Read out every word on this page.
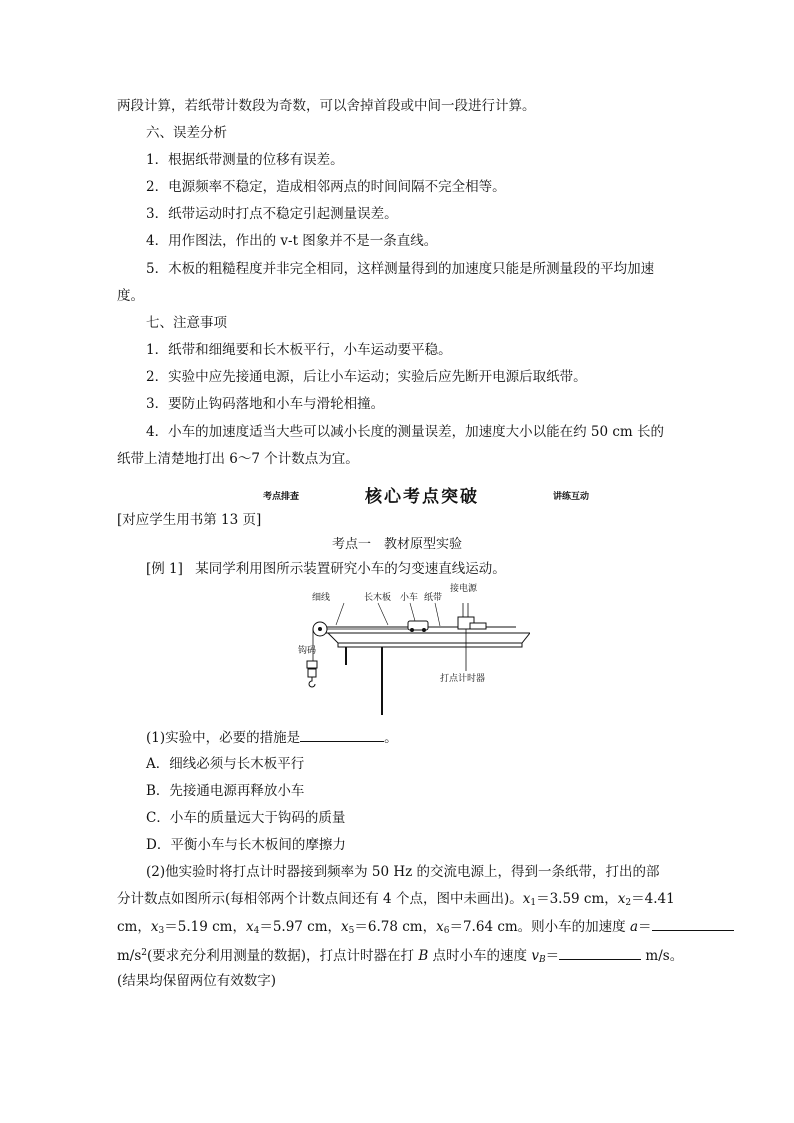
两段计算，若纸带计数段为奇数，可以舍掉首段或中间一段进行计算。
六、误差分析
1．根据纸带测量的位移有误差。
2．电源频率不稳定，造成相邻两点的时间间隔不完全相等。
3．纸带运动时打点不稳定引起测量误差。
4．用作图法，作出的 v-t 图象并不是一条直线。
5．木板的粗糙程度并非完全相同，这样测量得到的加速度只能是所测量段的平均加速
度。
七、注意事项
1．纸带和细绳要和长木板平行，小车运动要平稳。
2．实验中应先接通电源，后让小车运动；实验后应先断开电源后取纸带。
3．要防止钩码落地和小车与滑轮相撞。
4．小车的加速度适当大些可以减小长度的测量误差，加速度大小以能在约 50 cm 长的
纸带上清楚地打出 6～7 个计数点为宜。
考点排查	核心考点突破	讲练互动
[对应学生用书第 13 页]
考点一　教材原型实验
[例 1] 某同学利用图所示装置研究小车的匀变速直线运动。
细线	长木板 小车 纸带
接电源
钩码
打点计时器
(1)实验中，必要的措施是	。
A．细线必须与长木板平行
B．先接通电源再释放小车
C．小车的质量远大于钩码的质量
D．平衡小车与长木板间的摩擦力
(2)他实验时将打点计时器接到频率为 50 Hz 的交流电源上，得到一条纸带，打出的部
分计数点如图所示(每相邻两个计数点间还有 4 个点，图中未画出)。$x_1=3.59$ cm，$x_2=4.41$
cm，$x_3=5.19$ cm，$x_4=5.97$ cm，$x_5=6.78$ cm，$x_6=7.64$ cm。则小车的加速度 a＝
$m/s^2$(要求充分利用测量的数据)，打点计时器在打 B 点时小车的速度 $v_B=$	m/s。
(结果均保留两位有效数字)
